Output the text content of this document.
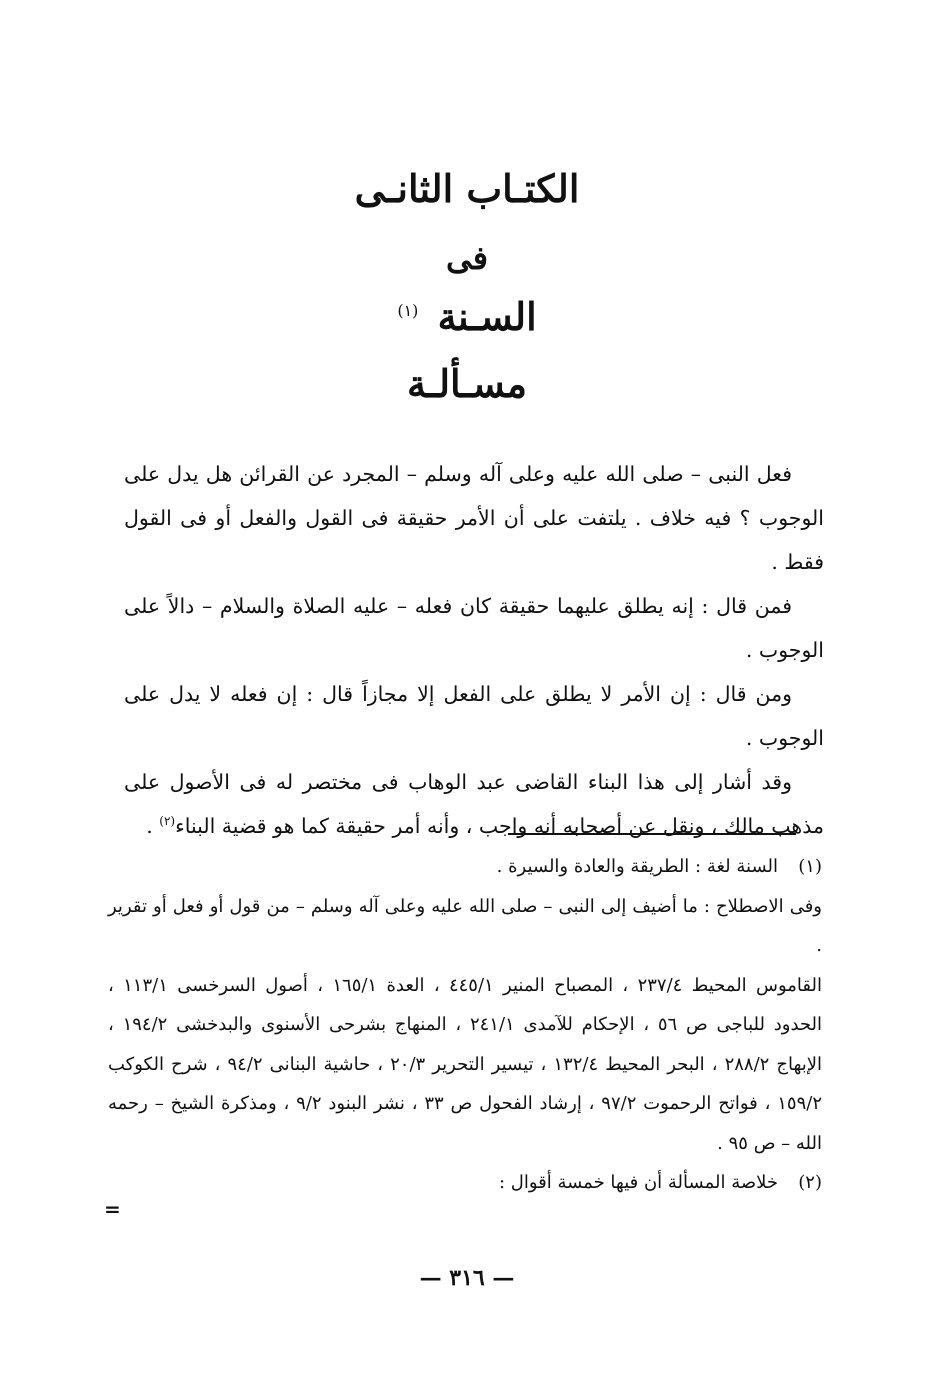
الكتـاب الثانـى
فى
السـنة $^{(١)}$
مسـألـة

فعل النبى – صلى الله عليه وعلى آله وسلم – المجرد عن القرائن هل يدل على الوجوب ؟ فيه خلاف . يلتفت على أن الأمر حقيقة فى القول والفعل أو فى القول فقط .

فمن قال : إنه يطلق عليهما حقيقة كان فعله – عليه الصلاة والسلام – دالاً على الوجوب .

ومن قال : إن الأمر لا يطلق على الفعل إلا مجازاً قال : إن فعله لا يدل على الوجوب .

وقد أشار إلى هذا البناء القاضى عبد الوهاب فى مختصر له فى الأصول على مذهب مالك ، ونقل عن أصحابه أنه واجب ، وأنه أمر حقيقة كما هو قضية البناء$^{(٢)}$ .

(١)
السنة لغة : الطريقة والعادة والسيرة .
وفى الاصطلاح : ما أضيف إلى النبى – صلى الله عليه وعلى آله وسلم – من قول أو فعل أو تقرير .
القاموس المحيط ٢٣٧/٤ ، المصباح المنير ٤٤٥/١ ، العدة ١٦٥/١ ، أصول السرخسى ١١٣/١ ، الحدود للباجى ص ٥٦ ، الإحكام للآمدى ٢٤١/١ ، المنهاج بشرحى الأسنوى والبدخشى ١٩٤/٢ ، الإبهاج ٢٨٨/٢ ، البحر المحيط ١٣٢/٤ ، تيسير التحرير ٢٠/٣ ، حاشية البنانى ٩٤/٢ ، شرح الكوكب ١٥٩/٢ ، فواتح الرحموت ٩٧/٢ ، إرشاد الفحول ص ٣٣ ، نشر البنود ٩/٢ ، ومذكرة الشيخ – رحمه الله – ص ٩٥ .
(٢)
خلاصة المسألة أن فيها خمسة أقوال :
=
— ٣١٦ —
